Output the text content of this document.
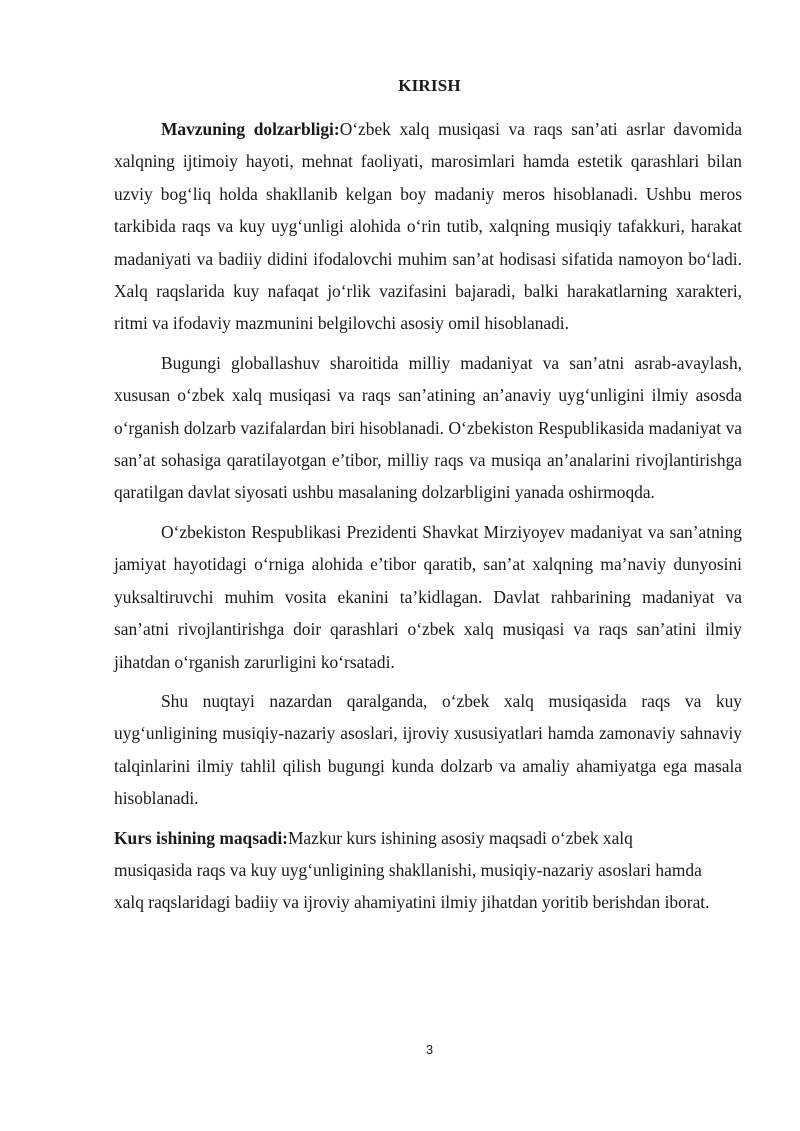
KIRISH

Mavzuning dolzarbligi:O‘zbek xalq musiqasi va raqs san’ati asrlar davomida xalqning ijtimoiy hayoti, mehnat faoliyati, marosimlari hamda estetik qarashlari bilan uzviy bog‘liq holda shakllanib kelgan boy madaniy meros hisoblanadi. Ushbu meros tarkibida raqs va kuy uyg‘unligi alohida o‘rin tutib, xalqning musiqiy tafakkuri, harakat madaniyati va badiiy didini ifodalovchi muhim san’at hodisasi sifatida namoyon bo‘ladi. Xalq raqslarida kuy nafaqat jo‘rlik vazifasini bajaradi, balki harakatlarning xarakteri, ritmi va ifodaviy mazmunini belgilovchi asosiy omil hisoblanadi.

Bugungi globallashuv sharoitida milliy madaniyat va san’atni asrab-avaylash, xususan o‘zbek xalq musiqasi va raqs san’atining an’anaviy uyg‘unligini ilmiy asosda o‘rganish dolzarb vazifalardan biri hisoblanadi. O‘zbekiston Respublikasida madaniyat va san’at sohasiga qaratilayotgan e’tibor, milliy raqs va musiqa an’analarini rivojlantirishga qaratilgan davlat siyosati ushbu masalaning dolzarbligini yanada oshirmoqda.

O‘zbekiston Respublikasi Prezidenti Shavkat Mirziyoyev madaniyat va san’atning jamiyat hayotidagi o‘rniga alohida e’tibor qaratib, san’at xalqning ma’naviy dunyosini yuksaltiruvchi muhim vosita ekanini ta’kidlagan. Davlat rahbarining madaniyat va san’atni rivojlantirishga doir qarashlari o‘zbek xalq musiqasi va raqs san’atini ilmiy jihatdan o‘rganish zarurligini ko‘rsatadi.

Shu nuqtayi nazardan qaralganda, o‘zbek xalq musiqasida raqs va kuy uyg‘unligining musiqiy-nazariy asoslari, ijroviy xususiyatlari hamda zamonaviy sahnaviy talqinlarini ilmiy tahlil qilish bugungi kunda dolzarb va amaliy ahamiyatga ega masala hisoblanadi.

Kurs ishining maqsadi:Mazkur kurs ishining asosiy maqsadi o‘zbek xalq musiqasida raqs va kuy uyg‘unligining shakllanishi, musiqiy-nazariy asoslari hamda xalq raqslaridagi badiiy va ijroviy ahamiyatini ilmiy jihatdan yoritib berishdan iborat.

3
